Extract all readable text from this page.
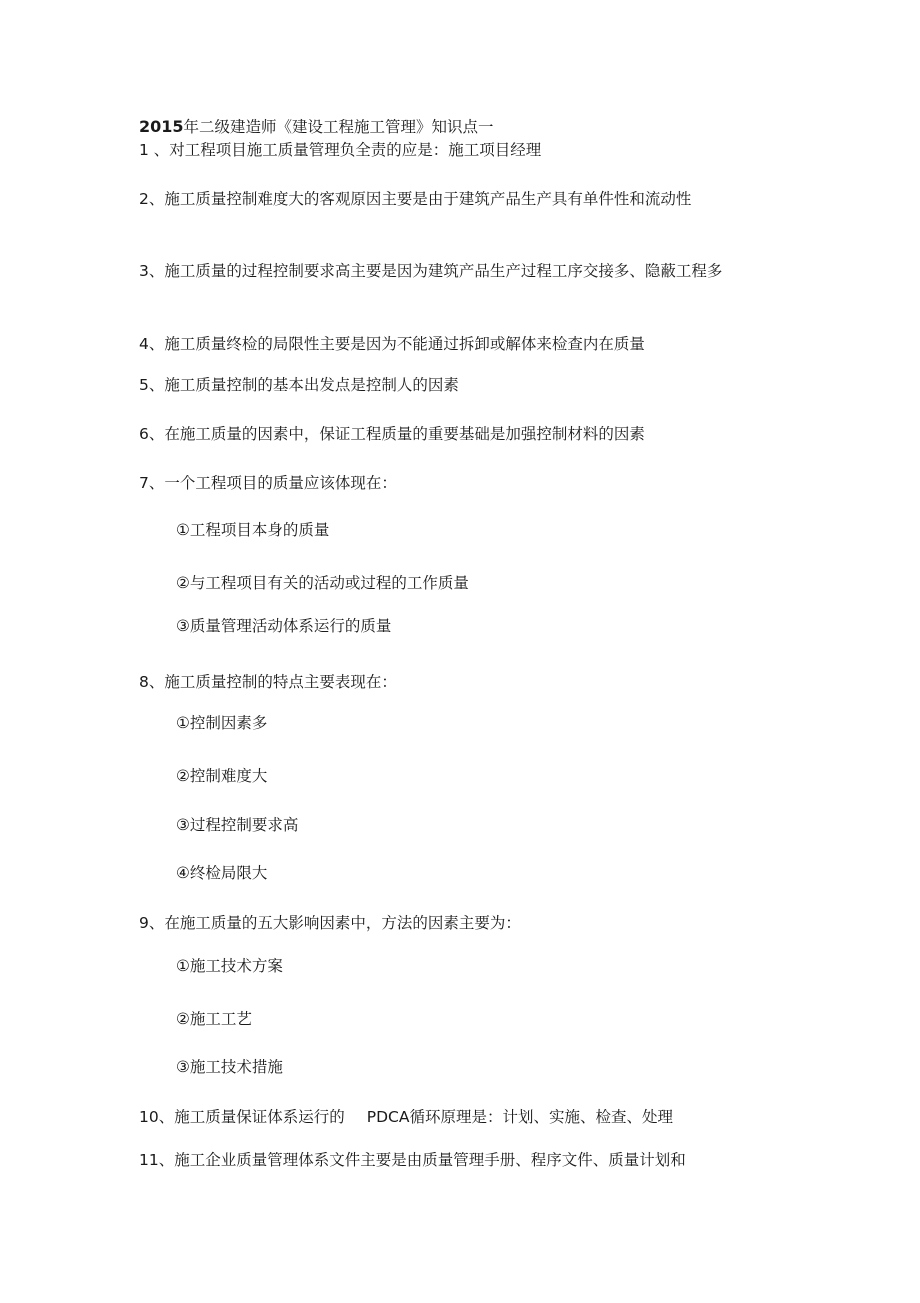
2015年二级建造师《建设工程施工管理》知识点一

1 、对工程项目施工质量管理负全责的应是：施工项目经理

2、施工质量控制难度大的客观原因主要是由于建筑产品生产具有单件性和流动性

3、施工质量的过程控制要求高主要是因为建筑产品生产过程工序交接多、隐蔽工程多

4、施工质量终检的局限性主要是因为不能通过拆卸或解体来检查内在质量

5、施工质量控制的基本出发点是控制人的因素

6、在施工质量的因素中，保证工程质量的重要基础是加强控制材料的因素

7、一个工程项目的质量应该体现在：

①工程项目本身的质量

②与工程项目有关的活动或过程的工作质量

③质量管理活动体系运行的质量

8、施工质量控制的特点主要表现在：

①控制因素多

②控制难度大

③过程控制要求高

④终检局限大

9、在施工质量的五大影响因素中，方法的因素主要为：

①施工技术方案

②施工工艺

③施工技术措施

10、施工质量保证体系运行的 PDCA循环原理是：计划、实施、检查、处理

11、施工企业质量管理体系文件主要是由质量管理手册、程序文件、质量计划和
